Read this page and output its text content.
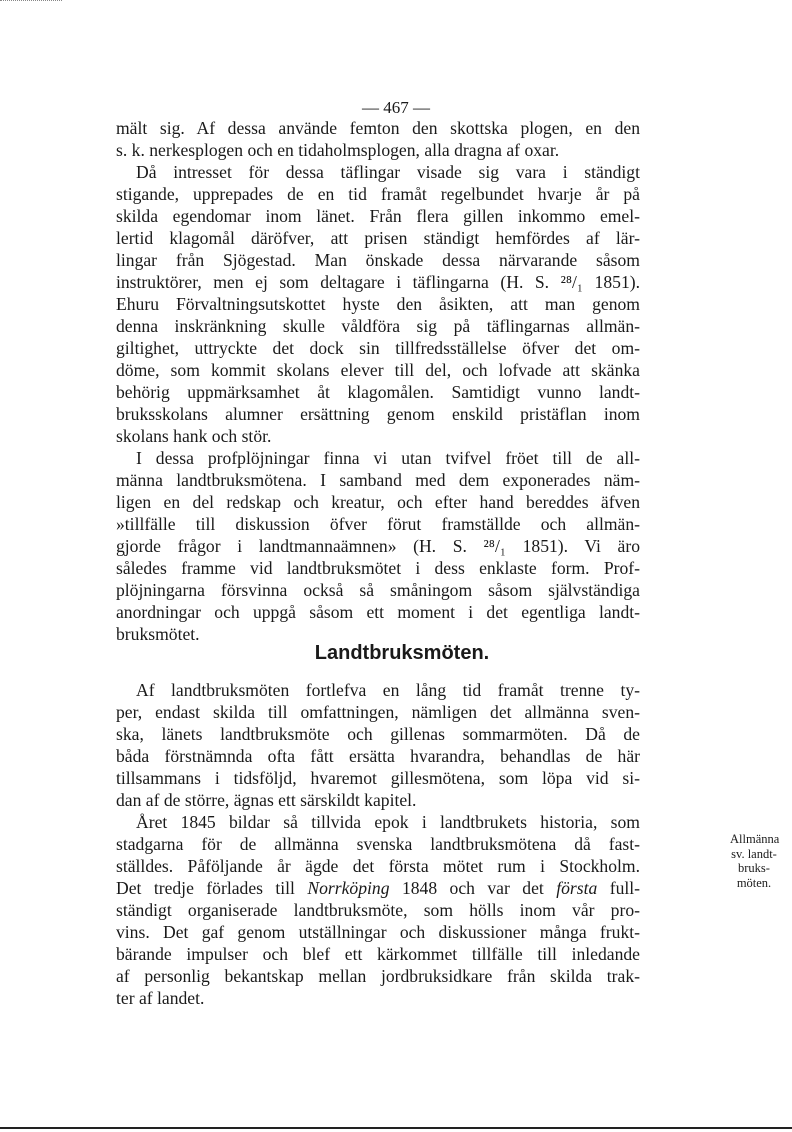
— 467 —
mält sig. Af dessa använde femton den skottska plogen, en den
s. k. nerkesplogen och en tidaholmsplogen, alla dragna af oxar.
Då intresset för dessa täflingar visade sig vara i ständigt
stigande, upprepades de en tid framåt regelbundet hvarje år på
skilda egendomar inom länet. Från flera gillen inkommo emel-
lertid klagomål däröfver, att prisen ständigt hemfördes af lär-
lingar från Sjögestad. Man önskade dessa närvarande såsom
instruktörer, men ej som deltagare i täflingarna (H. S. ²⁸/₁ 1851).
Ehuru Förvaltningsutskottet hyste den åsikten, att man genom
denna inskränkning skulle våldföra sig på täflingarnas allmän-
giltighet, uttryckte det dock sin tillfredsställelse öfver det om-
döme, som kommit skolans elever till del, och lofvade att skänka
behörig uppmärksamhet åt klagomålen. Samtidigt vunno landt-
bruksskolans alumner ersättning genom enskild pristäflan inom
skolans hank och stör.
I dessa profplöjningar finna vi utan tvifvel fröet till de all-
männa landtbruksmötena. I samband med dem exponerades näm-
ligen en del redskap och kreatur, och efter hand bereddes äfven
»tillfälle till diskussion öfver förut framställde och allmän-
gjorde frågor i landtmannaämnen» (H. S. ²⁸/₁ 1851). Vi äro
således framme vid landtbruksmötet i dess enklaste form. Prof-
plöjningarna försvinna också så småningom såsom självständiga
anordningar och uppgå såsom ett moment i det egentliga landt-
bruksmötet.
Landtbruksmöten.
Af landtbruksmöten fortlefva en lång tid framåt trenne ty-
per, endast skilda till omfattningen, nämligen det allmänna sven-
ska, länets landtbruksmöte och gillenas sommarmöten. Då de
båda förstnämnda ofta fått ersätta hvarandra, behandlas de här
tillsammans i tidsföljd, hvaremot gillesmötena, som löpa vid si-
dan af de större, ägnas ett särskildt kapitel.
Året 1845 bildar så tillvida epok i landtbrukets historia, som
stadgarna för de allmänna svenska landtbruksmötena då fast-
ställdes. Påföljande år ägde det första mötet rum i Stockholm.
Det tredje förlades till Norrköping 1848 och var det första full-
ständigt organiserade landtbruksmöte, som hölls inom vår pro-
vins. Det gaf genom utställningar och diskussioner många frukt-
bärande impulser och blef ett kärkommet tillfälle till inledande
af personlig bekantskap mellan jordbruksidkare från skilda trak-
ter af landet.
Allmänna
sv. landt-
bruks-
möten.
